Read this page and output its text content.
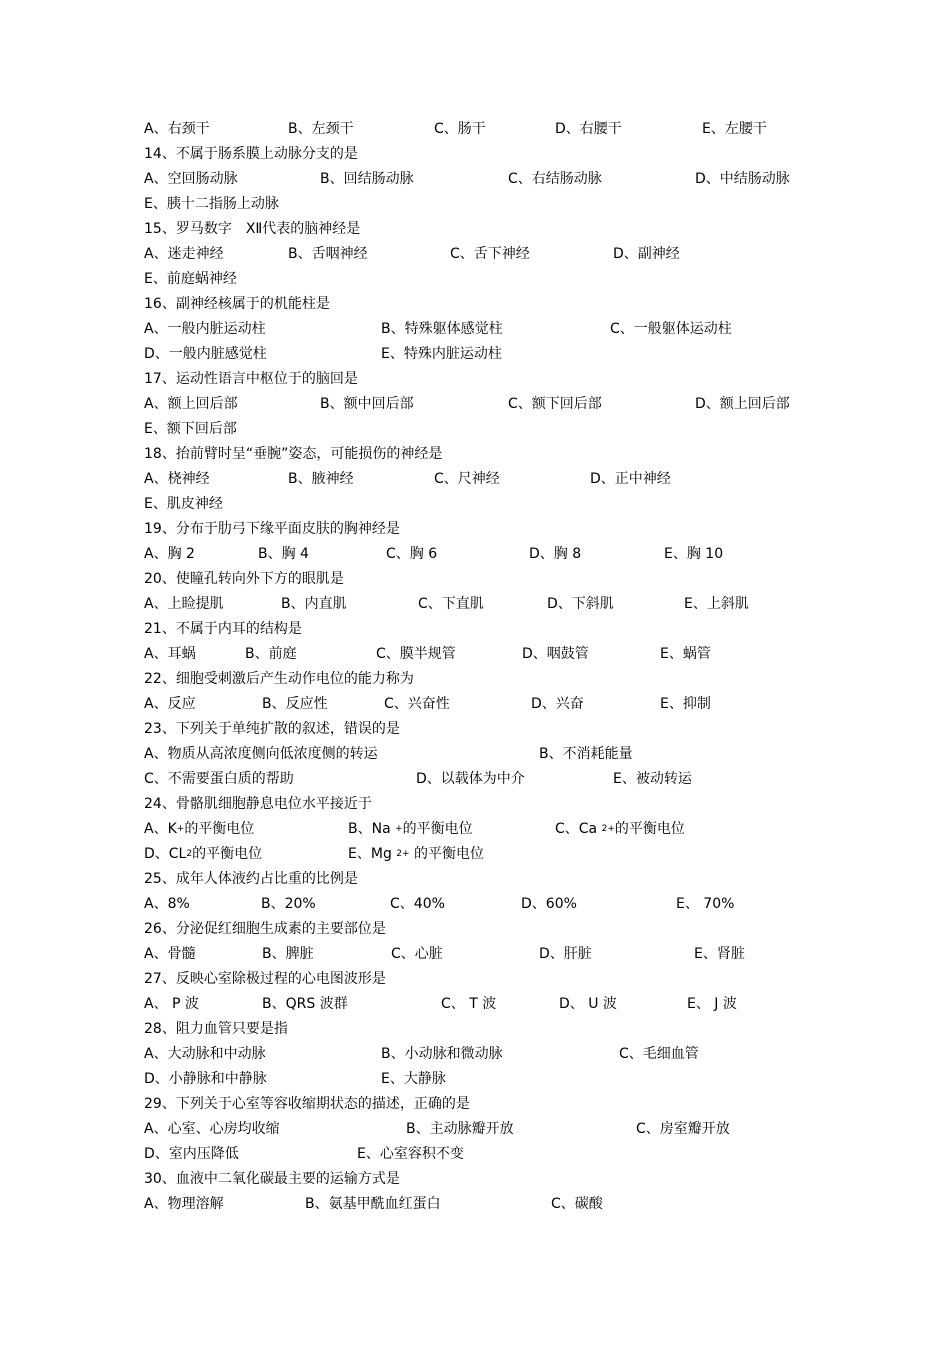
A、右颈干	B、左颈干	C、肠干	D、右腰干	E、左腰干
14、不属于肠系膜上动脉分支的是
A、空回肠动脉	B、回结肠动脉	C、右结肠动脉	D、中结肠动脉
E、胰十二指肠上动脉
15、罗马数字　XⅡ代表的脑神经是
A、迷走神经	B、舌咽神经	C、舌下神经	D、副神经
E、前庭蜗神经
16、副神经核属于的机能柱是
A、一般内脏运动柱	B、特殊躯体感觉柱	C、一般躯体运动柱
D、一般内脏感觉柱	E、特殊内脏运动柱
17、运动性语言中枢位于的脑回是
A、额上回后部	B、额中回后部	C、额下回后部	D、额上回后部
E、额下回后部
18、抬前臂时呈“垂腕”姿态，可能损伤的神经是
A、桡神经	B、腋神经	C、尺神经	D、正中神经
E、肌皮神经
19、分布于肋弓下缘平面皮肤的胸神经是
A、胸 2	B、胸 4	C、胸 6	D、胸 8	E、胸 10
20、使瞳孔转向外下方的眼肌是
A、上睑提肌	B、内直肌	C、下直肌	D、下斜肌	E、上斜肌
21、不属于内耳的结构是
A、耳蜗	B、前庭	C、膜半规管	D、咽鼓管	E、蜗管
22、细胞受刺激后产生动作电位的能力称为
A、反应	B、反应性	C、兴奋性	D、兴奋	E、抑制
23、下列关于单纯扩散的叙述，错误的是
A、物质从高浓度侧向低浓度侧的转运	B、不消耗能量
C、不需要蛋白质的帮助	D、以载体为中介	E、被动转运
24、骨骼肌细胞静息电位水平接近于
A、K+的平衡电位	B、Na +的平衡电位	C、Ca $^{2+}$的平衡电位
D、$CL^2$的平衡电位	E、Mg $^{2+}$ 的平衡电位
25、成年人体液约占比重的比例是
A、8%	B、20%	C、40%	D、60%	E、 70%
26、分泌促红细胞生成素的主要部位是
A、骨髓	B、脾脏	C、心脏	D、肝脏	E、肾脏
27、反映心室除极过程的心电图波形是
A、 P 波	B、QRS 波群	C、 T 波	D、 U 波	E、 J 波
28、阻力血管只要是指
A、大动脉和中动脉	B、小动脉和微动脉	C、毛细血管
D、小静脉和中静脉	E、大静脉
29、下列关于心室等容收缩期状态的描述，正确的是
A、心室、心房均收缩	B、主动脉瓣开放	C、房室瓣开放
D、室内压降低	E、心室容积不变
30、血液中二氧化碳最主要的运输方式是
A、物理溶解	B、氨基甲酰血红蛋白	C、碳酸
